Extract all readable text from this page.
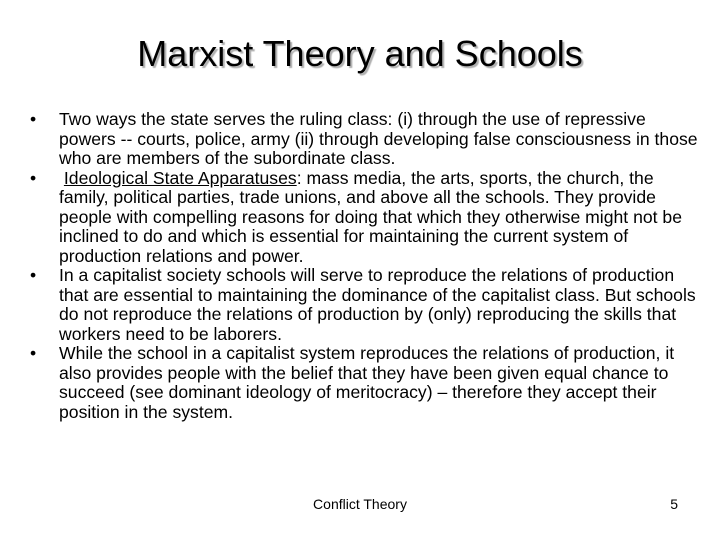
Marxist Theory and Schools
•	Two ways the state serves the ruling class: (i) through the use of repressive powers -- courts, police, army (ii) through developing false consciousness in those who are members of the subordinate class.
•	Ideological State Apparatuses: mass media, the arts, sports, the church, the family, political parties, trade unions, and above all the schools. They provide people with compelling reasons for doing that which they otherwise might not be inclined to do and which is essential for maintaining the current system of production relations and power.
•	In a capitalist society schools will serve to reproduce the relations of production that are essential to maintaining the dominance of the capitalist class. But schools do not reproduce the relations of production by (only) reproducing the skills that workers need to be laborers.
•	While the school in a capitalist system reproduces the relations of production, it also provides people with the belief that they have been given equal chance to succeed (see dominant ideology of meritocracy) – therefore they accept their position in the system.
Conflict Theory	5
